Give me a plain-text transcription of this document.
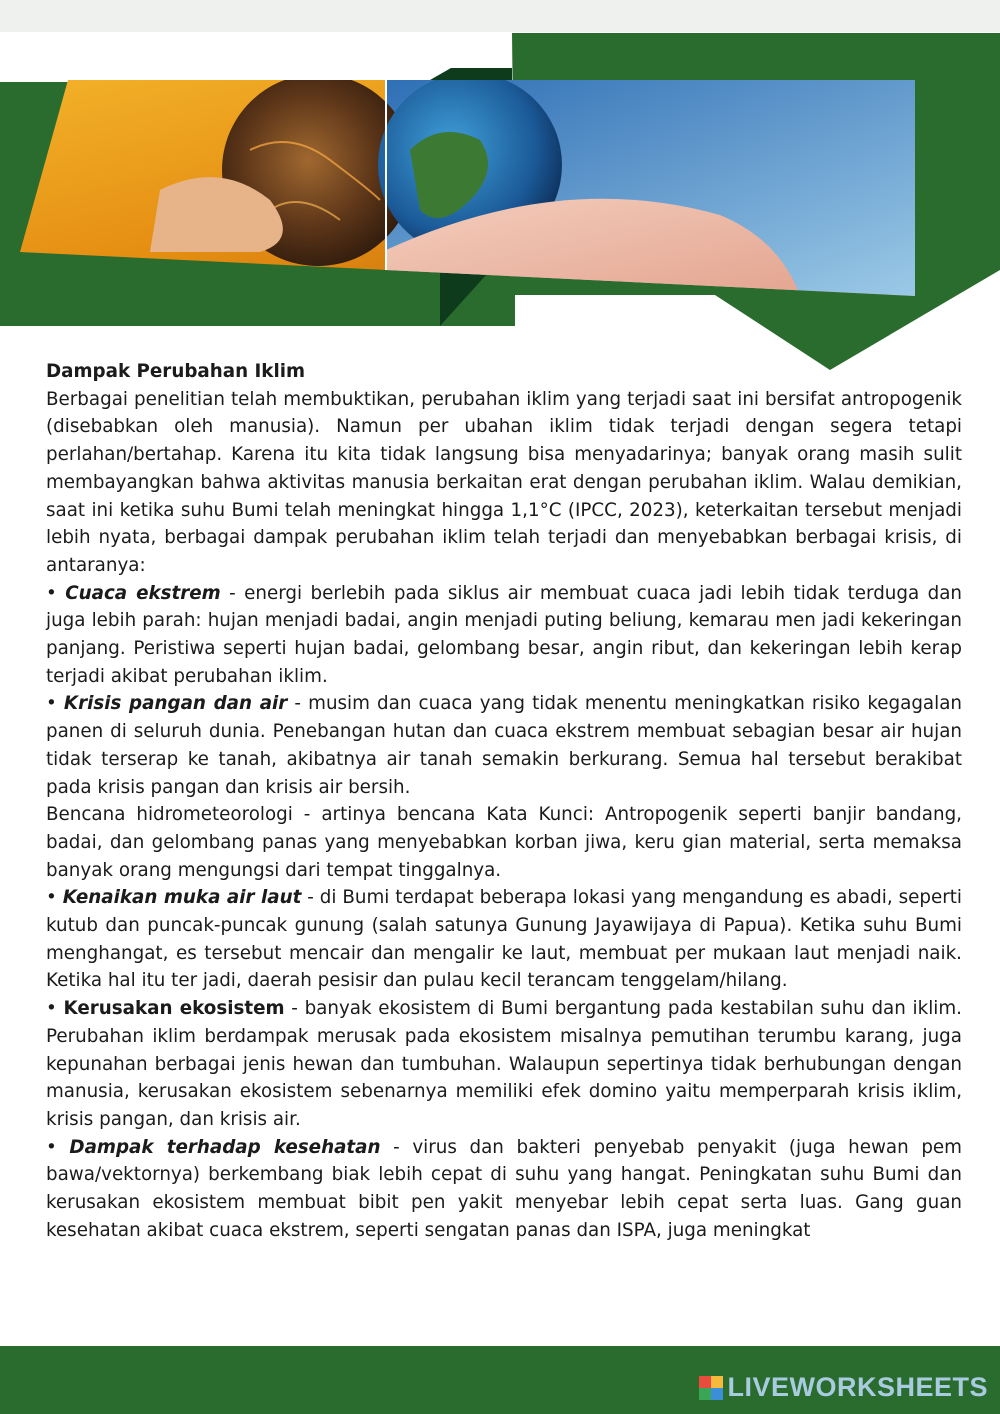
Dampak Perubahan Iklim

Berbagai penelitian telah membuktikan, perubahan iklim yang terjadi saat ini bersifat antropogenik (disebabkan oleh manusia). Namun per ubahan iklim tidak terjadi dengan segera tetapi perlahan/bertahap. Karena itu kita tidak langsung bisa menyadarinya; banyak orang masih sulit membayangkan bahwa aktivitas manusia berkaitan erat dengan perubahan iklim. Walau demikian, saat ini ketika suhu Bumi telah meningkat hingga 1,1°C (IPCC, 2023), keterkaitan tersebut menjadi lebih nyata, berbagai dampak perubahan iklim telah terjadi dan menyebabkan berbagai krisis, di antaranya:

• Cuaca ekstrem - energi berlebih pada siklus air membuat cuaca jadi lebih tidak terduga dan juga lebih parah: hujan menjadi badai, angin menjadi puting beliung, kemarau men jadi kekeringan panjang. Peristiwa seperti hujan badai, gelombang besar, angin ribut, dan kekeringan lebih kerap terjadi akibat perubahan iklim.

• Krisis pangan dan air - musim dan cuaca yang tidak menentu meningkatkan risiko kegagalan panen di seluruh dunia. Penebangan hutan dan cuaca ekstrem membuat sebagian besar air hujan tidak terserap ke tanah, akibatnya air tanah semakin berkurang. Semua hal tersebut berakibat pada krisis pangan dan krisis air bersih.

Bencana hidrometeorologi - artinya bencana Kata Kunci: Antropogenik seperti banjir bandang, badai, dan gelombang panas yang menyebabkan korban jiwa, keru gian material, serta memaksa banyak orang mengungsi dari tempat tinggalnya.

• Kenaikan muka air laut - di Bumi terdapat beberapa lokasi yang mengandung es abadi, seperti kutub dan puncak-puncak gunung (salah satunya Gunung Jayawijaya di Papua). Ketika suhu Bumi menghangat, es tersebut mencair dan mengalir ke laut, membuat per mukaan laut menjadi naik. Ketika hal itu ter jadi, daerah pesisir dan pulau kecil terancam tenggelam/hilang.

• Kerusakan ekosistem - banyak ekosistem di Bumi bergantung pada kestabilan suhu dan iklim. Perubahan iklim berdampak merusak pada ekosistem misalnya pemutihan terumbu karang, juga kepunahan berbagai jenis hewan dan tumbuhan. Walaupun sepertinya tidak berhubungan dengan manusia, kerusakan ekosistem sebenarnya memiliki efek domino yaitu memperparah krisis iklim, krisis pangan, dan krisis air.

• Dampak terhadap kesehatan - virus dan bakteri penyebab penyakit (juga hewan pem bawa/vektornya) berkembang biak lebih cepat di suhu yang hangat. Peningkatan suhu Bumi dan kerusakan ekosistem membuat bibit pen yakit menyebar lebih cepat serta luas. Gang guan kesehatan akibat cuaca ekstrem, seperti sengatan panas dan ISPA, juga meningkat

LIVEWORKSHEETS
